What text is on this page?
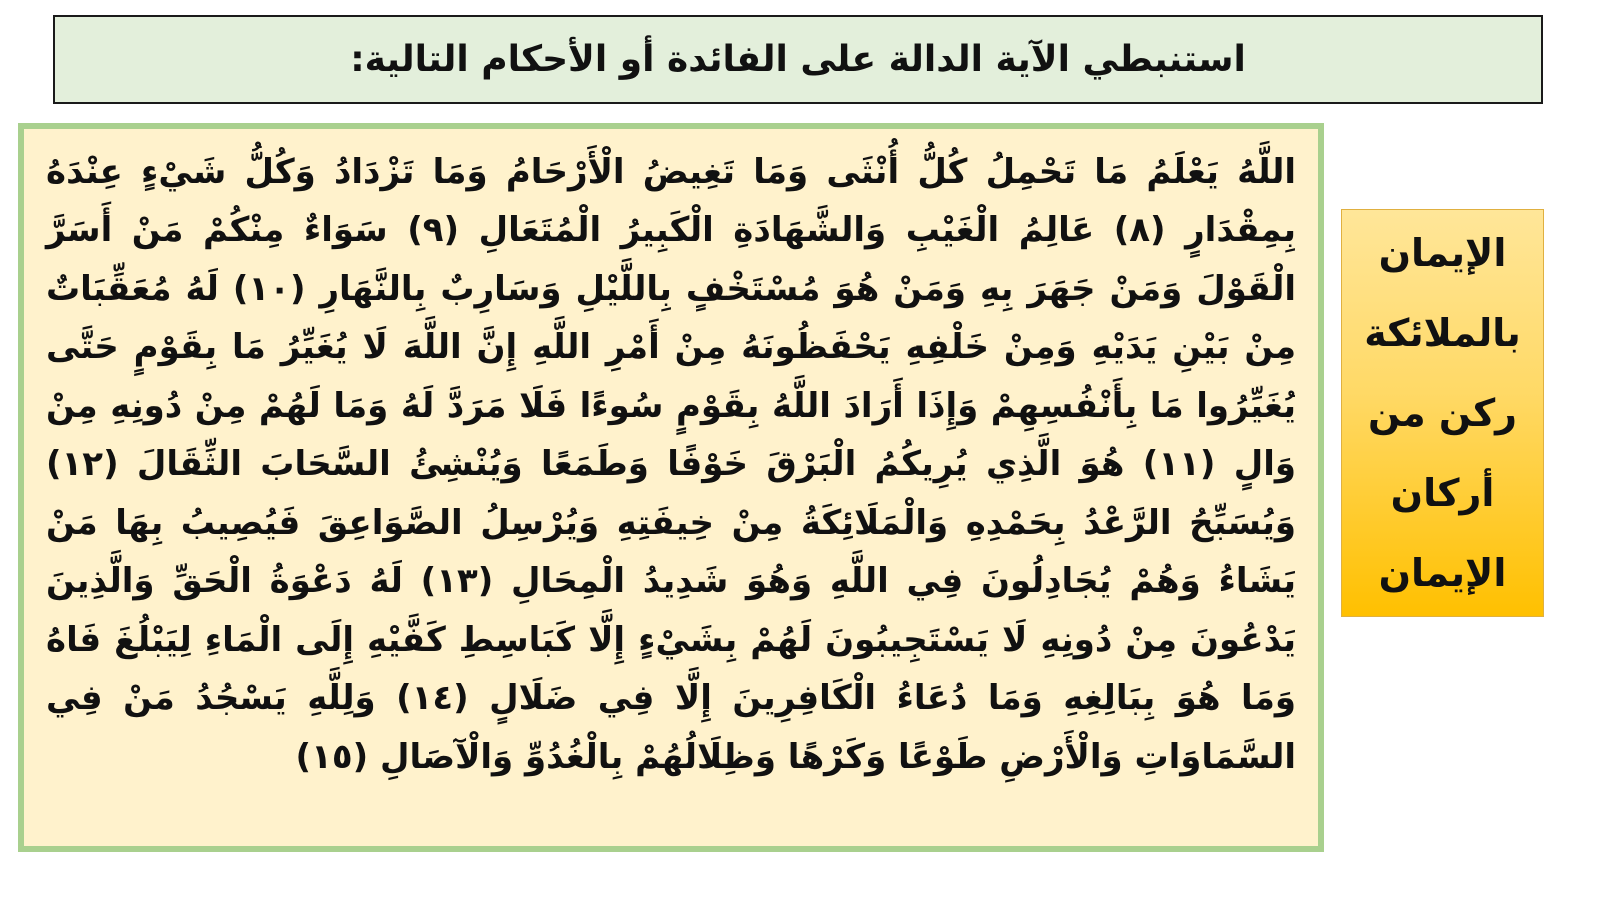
استنبطي الآية الدالة على الفائدة أو الأحكام التالية:

اللَّهُ يَعْلَمُ مَا تَحْمِلُ كُلُّ أُنْثَى وَمَا تَغِيضُ الْأَرْحَامُ وَمَا تَزْدَادُ وَكُلُّ شَيْءٍ عِنْدَهُ بِمِقْدَارٍ (٨) عَالِمُ الْغَيْبِ وَالشَّهَادَةِ الْكَبِيرُ الْمُتَعَالِ (٩) سَوَاءٌ مِنْكُمْ مَنْ أَسَرَّ الْقَوْلَ وَمَنْ جَهَرَ بِهِ وَمَنْ هُوَ مُسْتَخْفٍ بِاللَّيْلِ وَسَارِبٌ بِالنَّهَارِ (١٠) لَهُ مُعَقِّبَاتٌ مِنْ بَيْنِ يَدَيْهِ وَمِنْ خَلْفِهِ يَحْفَظُونَهُ مِنْ أَمْرِ اللَّهِ إِنَّ اللَّهَ لَا يُغَيِّرُ مَا بِقَوْمٍ حَتَّى يُغَيِّرُوا مَا بِأَنْفُسِهِمْ وَإِذَا أَرَادَ اللَّهُ بِقَوْمٍ سُوءًا فَلَا مَرَدَّ لَهُ وَمَا لَهُمْ مِنْ دُونِهِ مِنْ وَالٍ (١١) هُوَ الَّذِي يُرِيكُمُ الْبَرْقَ خَوْفًا وَطَمَعًا وَيُنْشِئُ السَّحَابَ الثِّقَالَ (١٢) وَيُسَبِّحُ الرَّعْدُ بِحَمْدِهِ وَالْمَلَائِكَةُ مِنْ خِيفَتِهِ وَيُرْسِلُ الصَّوَاعِقَ فَيُصِيبُ بِهَا مَنْ يَشَاءُ وَهُمْ يُجَادِلُونَ فِي اللَّهِ وَهُوَ شَدِيدُ الْمِحَالِ (١٣) لَهُ دَعْوَةُ الْحَقِّ وَالَّذِينَ يَدْعُونَ مِنْ دُونِهِ لَا يَسْتَجِيبُونَ لَهُمْ بِشَيْءٍ إِلَّا كَبَاسِطِ كَفَّيْهِ إِلَى الْمَاءِ لِيَبْلُغَ فَاهُ وَمَا هُوَ بِبَالِغِهِ وَمَا دُعَاءُ الْكَافِرِينَ إِلَّا فِي ضَلَالٍ (١٤) وَلِلَّهِ يَسْجُدُ مَنْ فِي السَّمَاوَاتِ وَالْأَرْضِ طَوْعًا وَكَرْهًا وَظِلَالُهُمْ بِالْغُدُوِّ وَالْآصَالِ (١٥)

الإيمان
بالملائكة
ركن من
أركان
الإيمان
